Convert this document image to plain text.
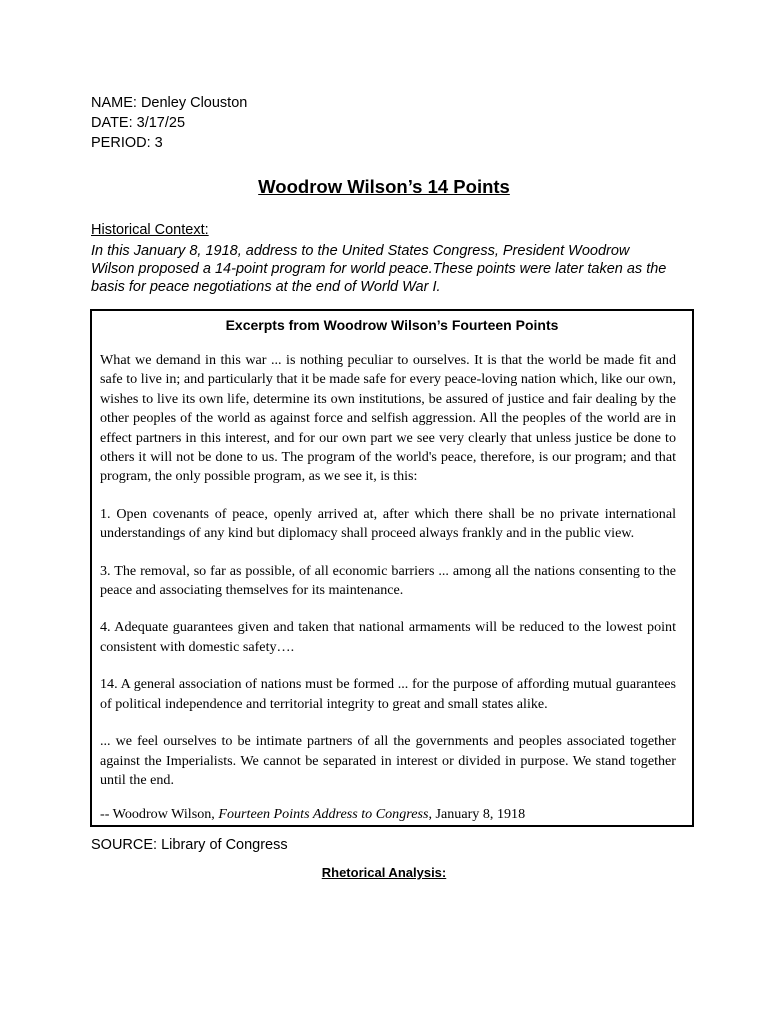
NAME: Denley Clouston
DATE: 3/17/25
PERIOD: 3
Woodrow Wilson’s 14 Points
Historical Context:
In this January 8, 1918, address to the United States Congress, President Woodrow Wilson proposed a 14-point program for world peace.These points were later taken as the basis for peace negotiations at the end of World War I.
Excerpts from Woodrow Wilson’s Fourteen Points

What we demand in this war ... is nothing peculiar to ourselves. It is that the world be made fit and safe to live in; and particularly that it be made safe for every peace-loving nation which, like our own, wishes to live its own life, determine its own institutions, be assured of justice and fair dealing by the other peoples of the world as against force and selfish aggression. All the peoples of the world are in effect partners in this interest, and for our own part we see very clearly that unless justice be done to others it will not be done to us. The program of the world's peace, therefore, is our program; and that program, the only possible program, as we see it, is this:

1. Open covenants of peace, openly arrived at, after which there shall be no private international understandings of any kind but diplomacy shall proceed always frankly and in the public view.

3. The removal, so far as possible, of all economic barriers ... among all the nations consenting to the peace and associating themselves for its maintenance.

4. Adequate guarantees given and taken that national armaments will be reduced to the lowest point consistent with domestic safety….

14. A general association of nations must be formed ... for the purpose of affording mutual guarantees of political independence and territorial integrity to great and small states alike.

... we feel ourselves to be intimate partners of all the governments and peoples associated together against the Imperialists. We cannot be separated in interest or divided in purpose. We stand together until the end.

-- Woodrow Wilson, Fourteen Points Address to Congress, January 8, 1918
SOURCE: Library of Congress
Rhetorical Analysis:
